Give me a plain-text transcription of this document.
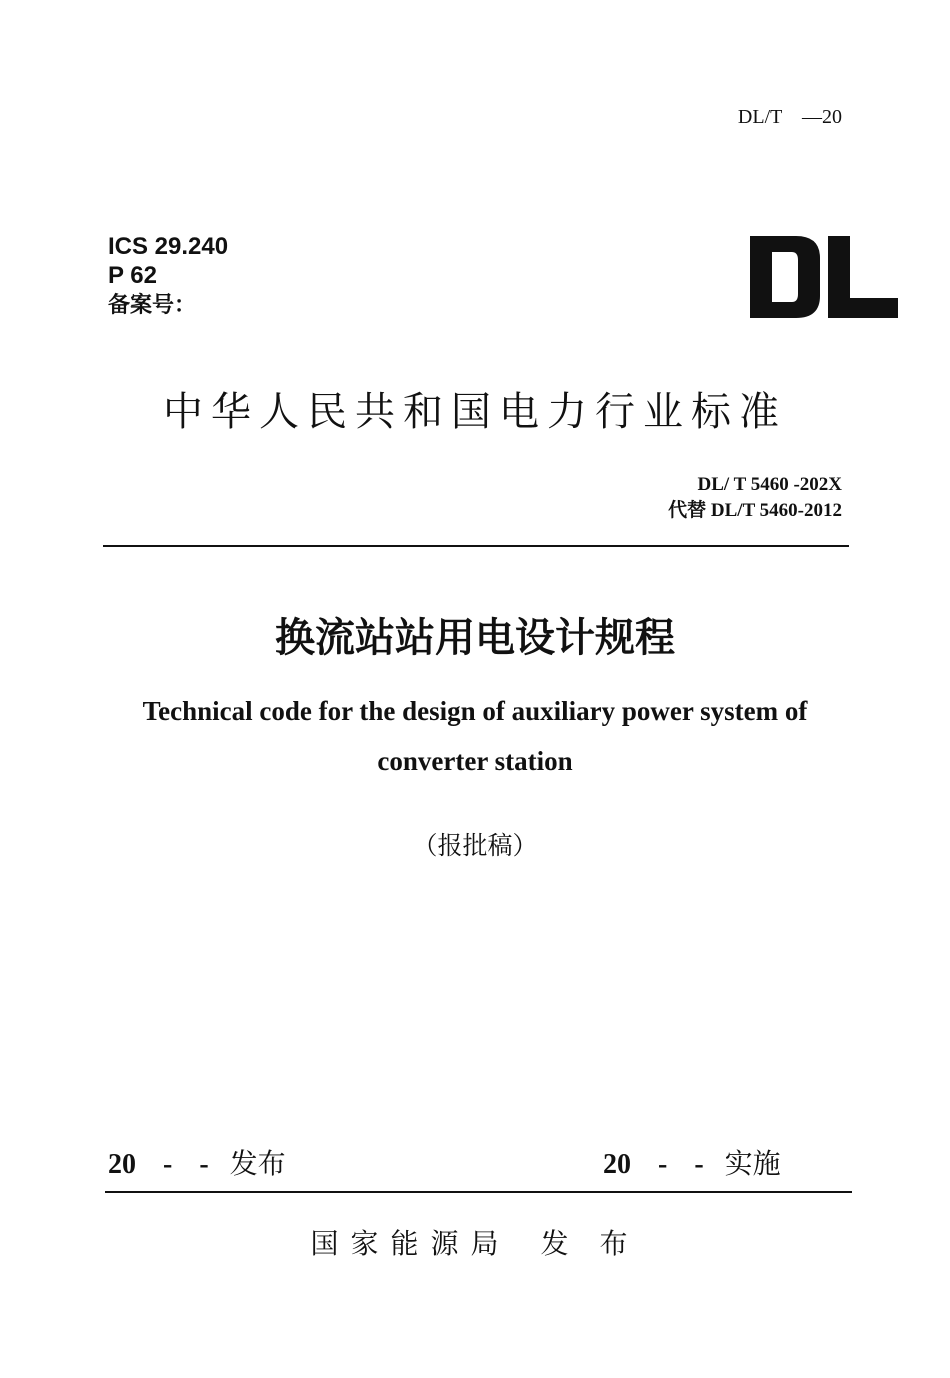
DL/T    —20
ICS 29.240
P 62
备案号：
中华人民共和国电力行业标准
DL/ T 5460 -202X
代替 DL/T 5460-2012
换流站站用电设计规程
Technical code for the design of auxiliary power system of
converter station
（报批稿）
20 - - 发布	20 - - 实施
国家能源局 发 布
